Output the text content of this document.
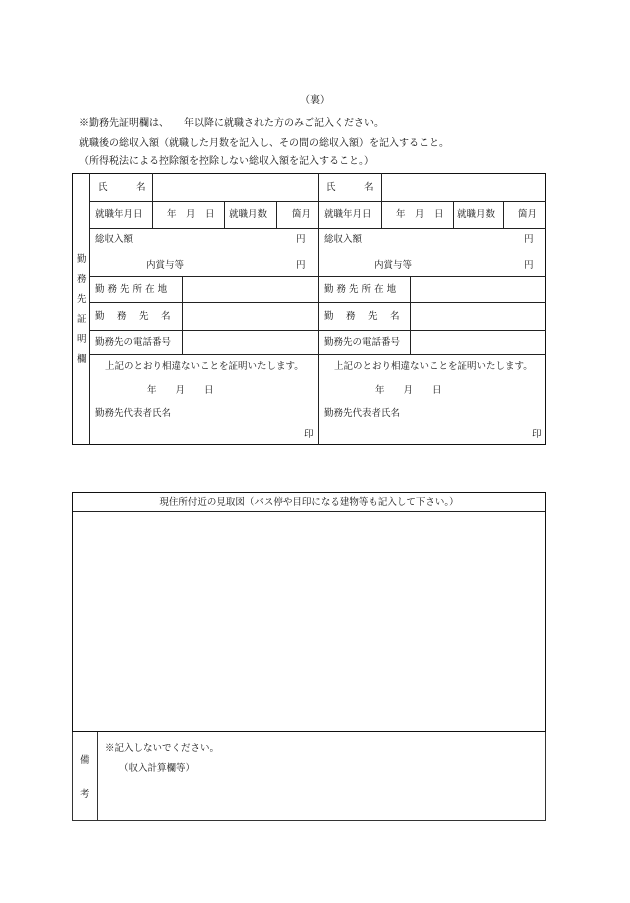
（裏）
※勤務先証明欄は、　　年以降に就職された方のみご記入ください。
就職後の総収入額（就職した月数を記入し、その間の総収入額）を記入すること。
（所得税法による控除額を控除しない総収入額を記入すること。）
勤
務
先
証
明
欄
氏　　　名
就職年月日	年　月　日 就職月数	箇月
総収入額	円
内賞与等	円
勤 務 先 所 在 地
勤　 務　 先　 名
勤務先の電話番号
上記のとおり相違ないことを証明いたします。
年　　月　　日
勤務先代表者氏名
印
氏　　　名
就職年月日	年　月　日 就職月数 箇月
総収入額	円
内賞与等	円
勤 務 先 所 在 地
勤　 務　 先　 名
勤務先の電話番号
上記のとおり相違ないことを証明いたします。
年　　月　　日
勤務先代表者氏名
印
現住所付近の見取図（バス停や目印になる建物等も記入して下さい。）
備
考
※記入しないでください。
（収入計算欄等）
